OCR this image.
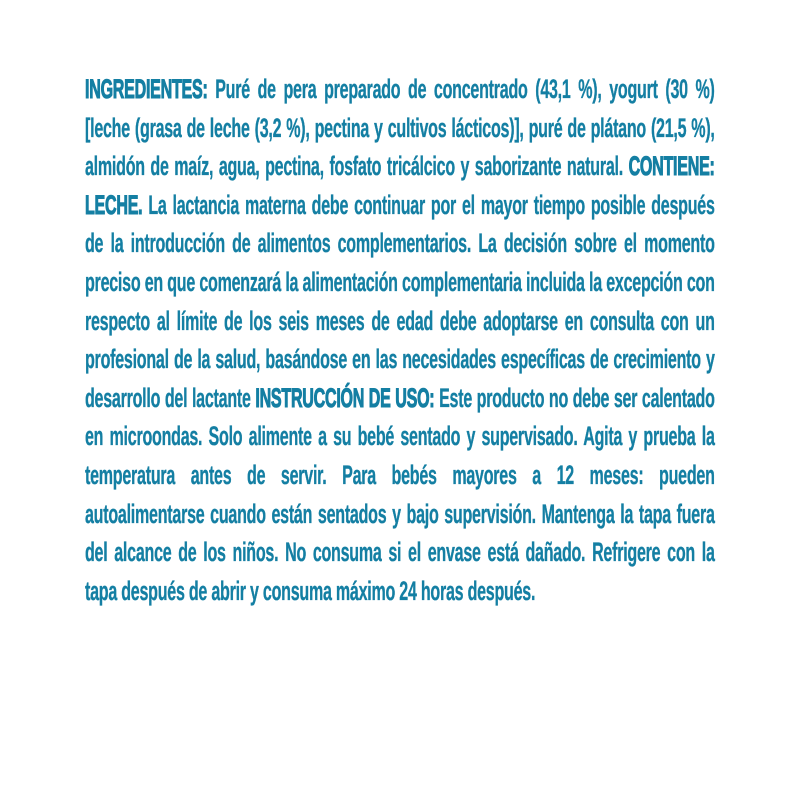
INGREDIENTES: Puré de pera preparado de concentrado (43,1 %), yogurt (30 %) [leche (grasa de leche (3,2 %), pectina y cultivos lácticos)], puré de plátano (21,5 %), almidón de maíz, agua, pectina, fosfato tricálcico y saborizante natural. CONTIENE: LECHE. La lactancia materna debe continuar por el mayor tiempo posible después de la introducción de alimentos complementarios. La decisión sobre el momento preciso en que comenzará la alimentación complementaria incluida la excepción con respecto al límite de los seis meses de edad debe adoptarse en consulta con un profesional de la salud, basándose en las necesidades específicas de crecimiento y desarrollo del lactante INSTRUCCIÓN DE USO: Este producto no debe ser calentado en microondas. Solo alimente a su bebé sentado y supervisado. Agita y prueba la temperatura antes de servir. Para bebés mayores a 12 meses: pueden autoalimentarse cuando están sentados y bajo supervisión. Mantenga la tapa fuera del alcance de los niños. No consuma si el envase está dañado. Refrigere con la tapa después de abrir y consuma máximo 24 horas después.
